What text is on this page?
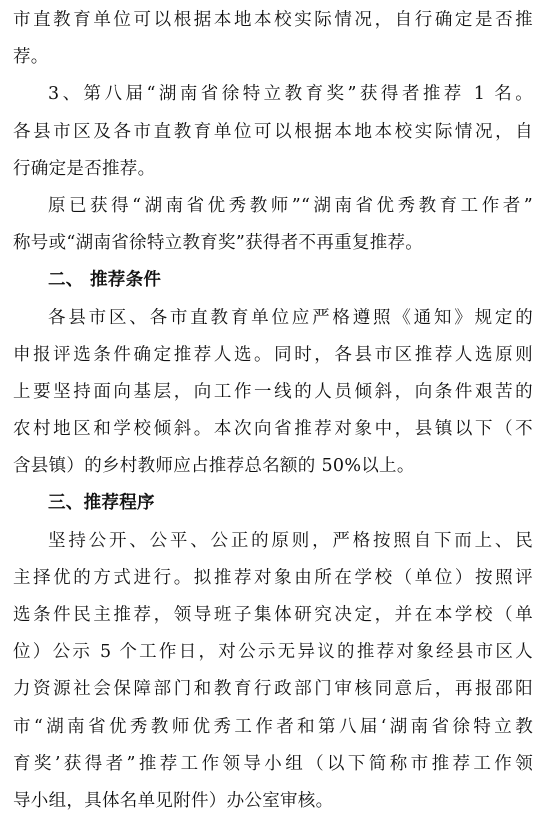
市直教育单位可以根据本地本校实际情况，自行确定是否推
荐。
3、第八届“湖南省徐特立教育奖”获得者推荐 1 名。
各县市区及各市直教育单位可以根据本地本校实际情况，自
行确定是否推荐。
原已获得“湖南省优秀教师”“湖南省优秀教育工作者”
称号或“湖南省徐特立教育奖”获得者不再重复推荐。
二、 推荐条件
各县市区、各市直教育单位应严格遵照《通知》规定的
申报评选条件确定推荐人选。同时，各县市区推荐人选原则
上要坚持面向基层，向工作一线的人员倾斜，向条件艰苦的
农村地区和学校倾斜。本次向省推荐对象中，县镇以下（不
含县镇）的乡村教师应占推荐总名额的 50%以上。
三、推荐程序
坚持公开、公平、公正的原则，严格按照自下而上、民
主择优的方式进行。拟推荐对象由所在学校（单位）按照评
选条件民主推荐，领导班子集体研究决定，并在本学校（单
位）公示 5 个工作日，对公示无异议的推荐对象经县市区人
力资源社会保障部门和教育行政部门审核同意后，再报邵阳
市“湖南省优秀教师优秀工作者和第八届‘湖南省徐特立教
育奖’获得者”推荐工作领导小组（以下简称市推荐工作领
导小组，具体名单见附件）办公室审核。
